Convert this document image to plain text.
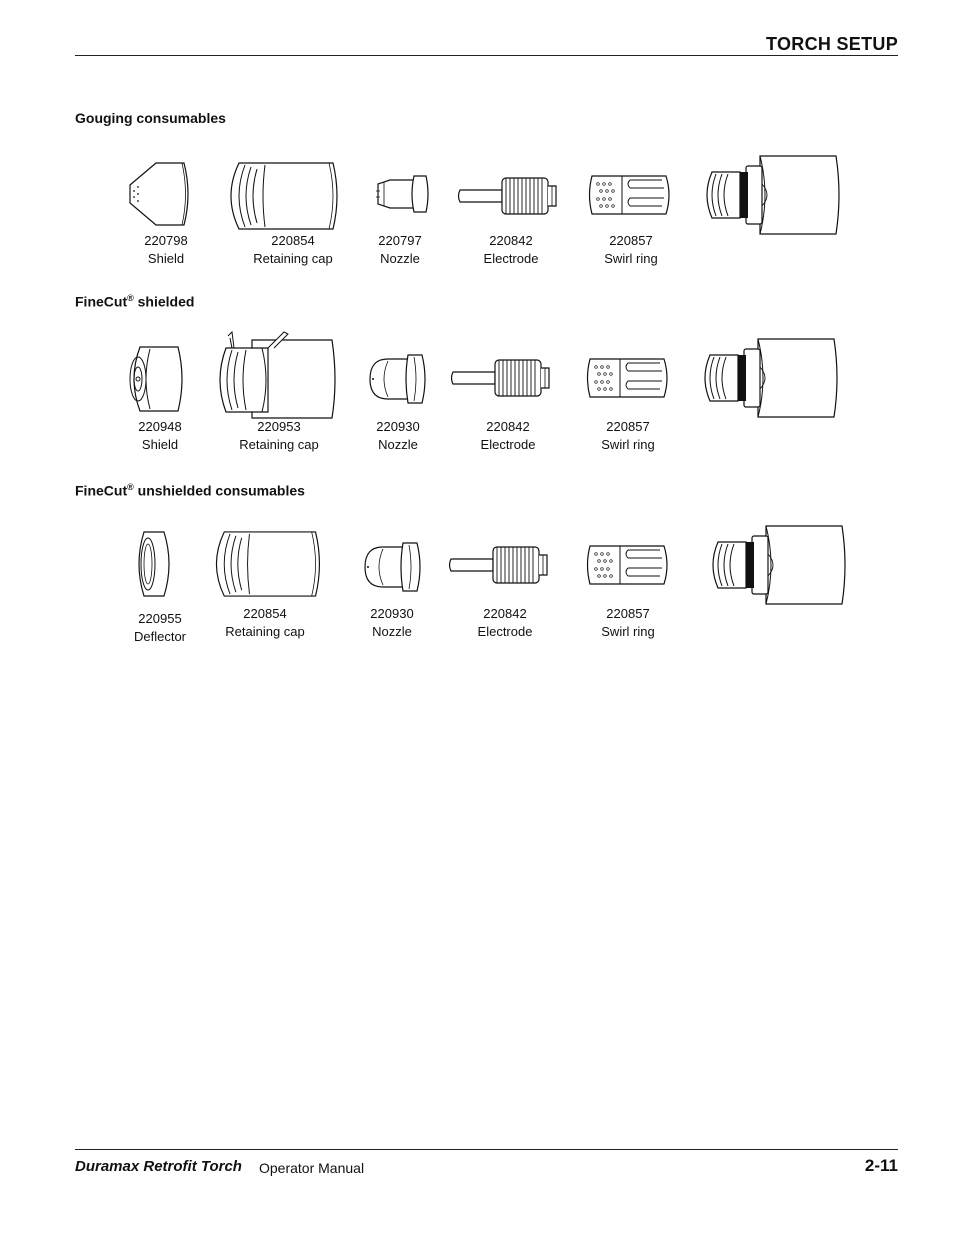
TORCH SETUP
Gouging consumables
220798
Shield
220854
Retaining cap
220797
Nozzle
220842
Electrode
220857
Swirl ring
FineCut® shielded
220948
Shield
220953
Retaining cap
220930
Nozzle
220842
Electrode
220857
Swirl ring
FineCut® unshielded consumables
220955
Deflector
220854
Retaining cap
220930
Nozzle
220842
Electrode
220857
Swirl ring
Duramax Retrofit Torch Operator Manual	2-11
